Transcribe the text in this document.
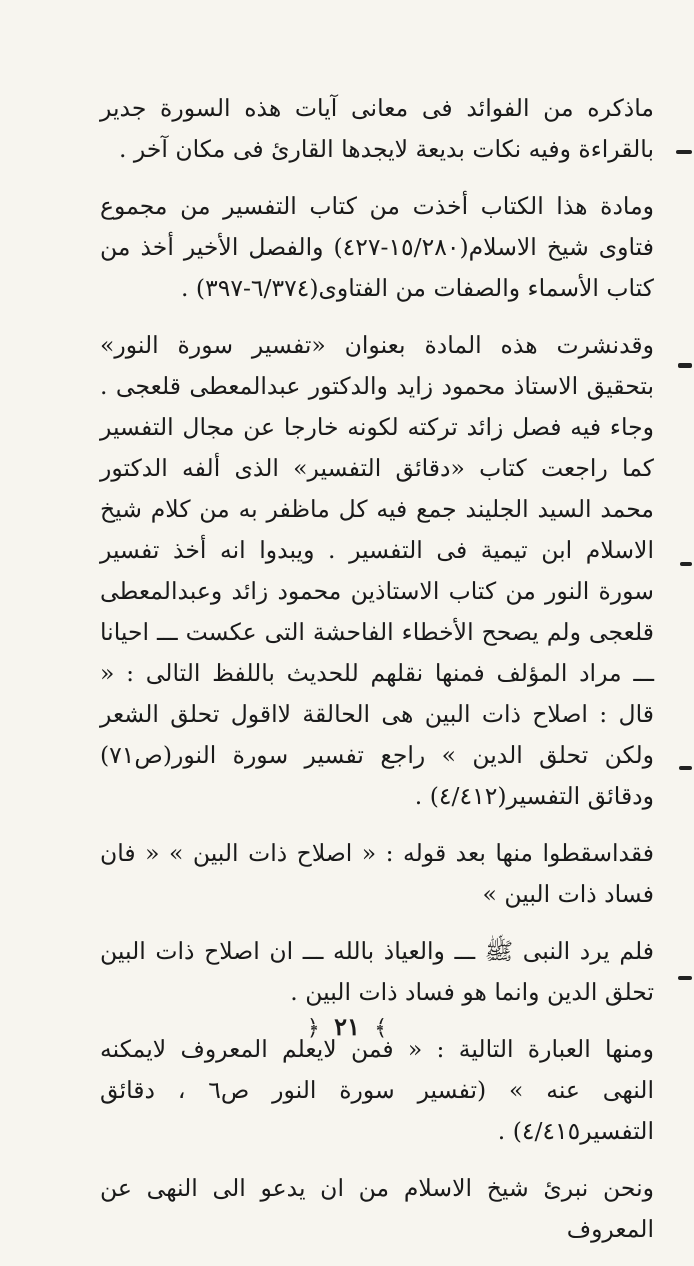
ماذكره من الفوائد فى معانى آيات هذه السورة جدير بالقراءة وفيه نكات بديعة لايجدها القارئ فى مكان آخر .

ومادة هذا الكتاب أخذت من كتاب التفسير من مجموع فتاوى شيخ الاسلام(١٥/٢٨٠-٤٢٧) والفصل الأخير أخذ من كتاب الأسماء والصفات من الفتاوى(٦/٣٧٤-٣٩٧) .

وقدنشرت هذه المادة بعنوان «تفسير سورة النور» بتحقيق الاستاذ محمود زايد والدكتور عبدالمعطى قلعجى . وجاء فيه فصل زائد تركته لكونه خارجا عن مجال التفسير كما راجعت كتاب «دقائق التفسير» الذى ألفه الدكتور محمد السيد الجليند جمع فيه كل ماظفر به من كلام شيخ الاسلام ابن تيمية فى التفسير . ويبدوا انه أخذ تفسير سورة النور من كتاب الاستاذين محمود زائد وعبدالمعطى قلعجى ولم يصحح الأخطاء الفاحشة التى عكست ـــ احيانا ـــ مراد المؤلف فمنها نقلهم للحديث باللفظ التالى : « قال : اصلاح ذات البين هى الحالقة لااقول تحلق الشعر ولكن تحلق الدين » راجع تفسير سورة النور(ص٧١) ودقائق التفسير(٤/٤١٢) .

فقداسقطوا منها بعد قوله : « اصلاح ذات البين » « فان فساد ذات البين »

فلم يرد النبى ﷺ ـــ والعياذ بالله ـــ ان اصلاح ذات البين تحلق الدين وانما هو فساد ذات البين .

ومنها العبارة التالية : « فمن لايعلم المعروف لايمكنه النهى عنه » (تفسير سورة النور ص٦ ، دقائق التفسير٤/٤١٥) .

ونحن نبرئ شيخ الاسلام من ان يدعو الى النهى عن المعروف

﴾ ٢١ ﴿
